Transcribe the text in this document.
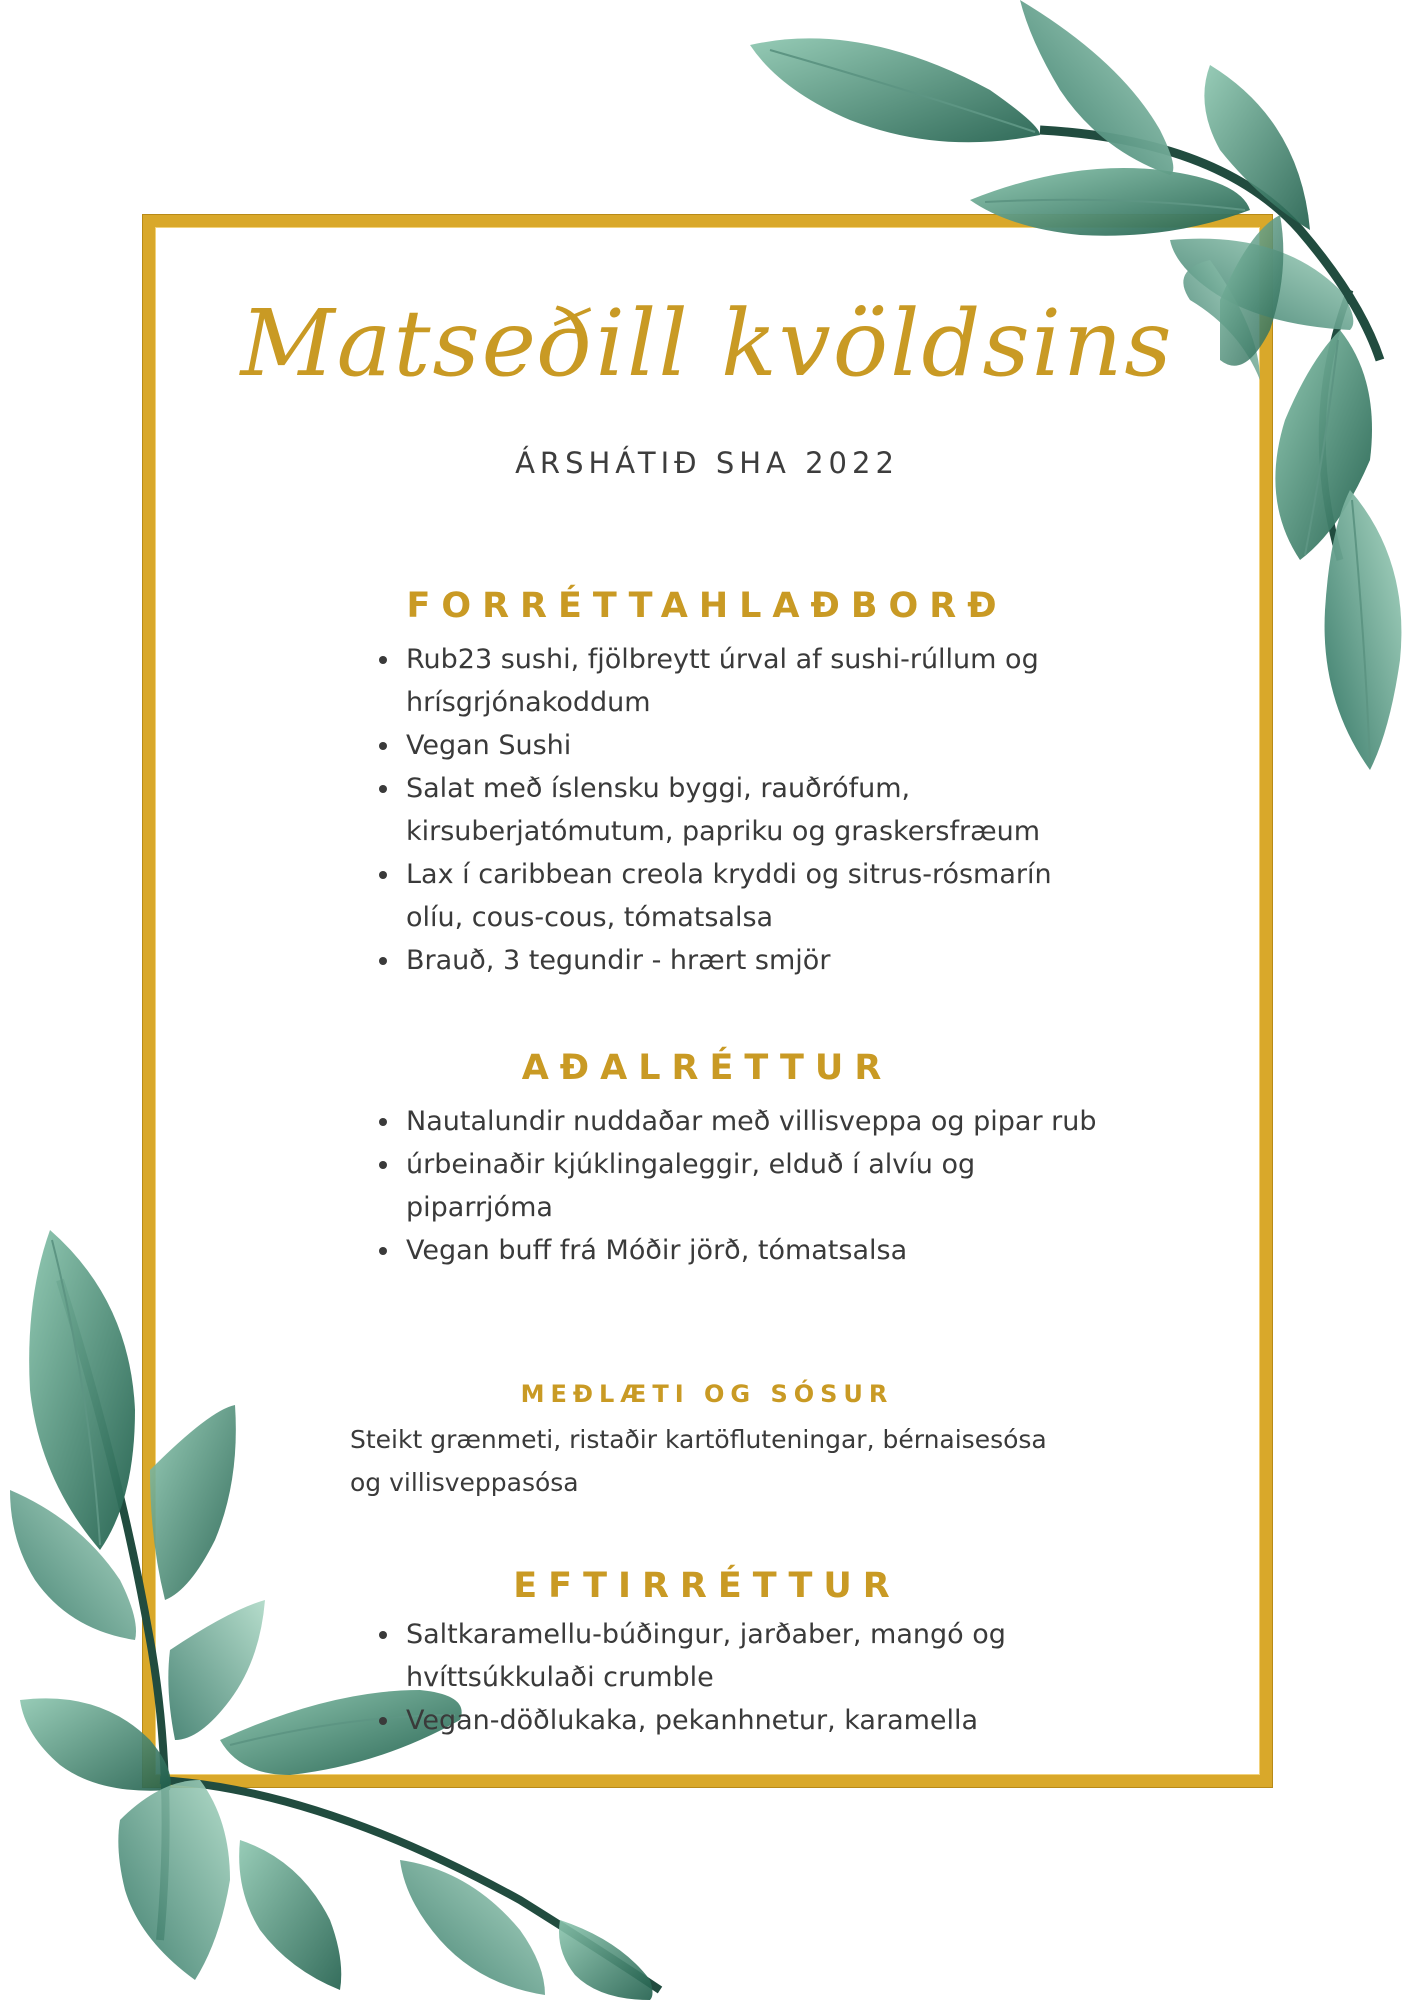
Matseðill kvöldsins
ÁRSHÁTIÐ SHA 2022
FORRÉTTAHLAÐBORÐ
• Rub23 sushi, fjölbreytt úrval af sushi-rúllum og hrísgrjónakoddum
• Vegan Sushi
• Salat með íslensku byggi, rauðrófum, kirsuberjatómutum, papriku og graskersfræum
• Lax í caribbean creola kryddi og sitrus-rósmarín olíu, cous-cous, tómatsalsa
• Brauð, 3 tegundir - hrært smjör
AÐALRÉTTUR
• Nautalundir nuddaðar með villisveppa og pipar rub
• úrbeinaðir kjúklingaleggir, elduð í alvíu og piparrjóma
• Vegan buff frá Móðir jörð, tómatsalsa
MEÐLÆTI OG SÓSUR

Steikt grænmeti, ristaðir kartöfluteningar, bérnaisesósa og villisveppasósa

EFTIRRÉTTUR
• Saltkaramellu-búðingur, jarðaber, mangó og hvíttsúkkulaði crumble
• Vegan-döðlukaka, pekanhnetur, karamella
